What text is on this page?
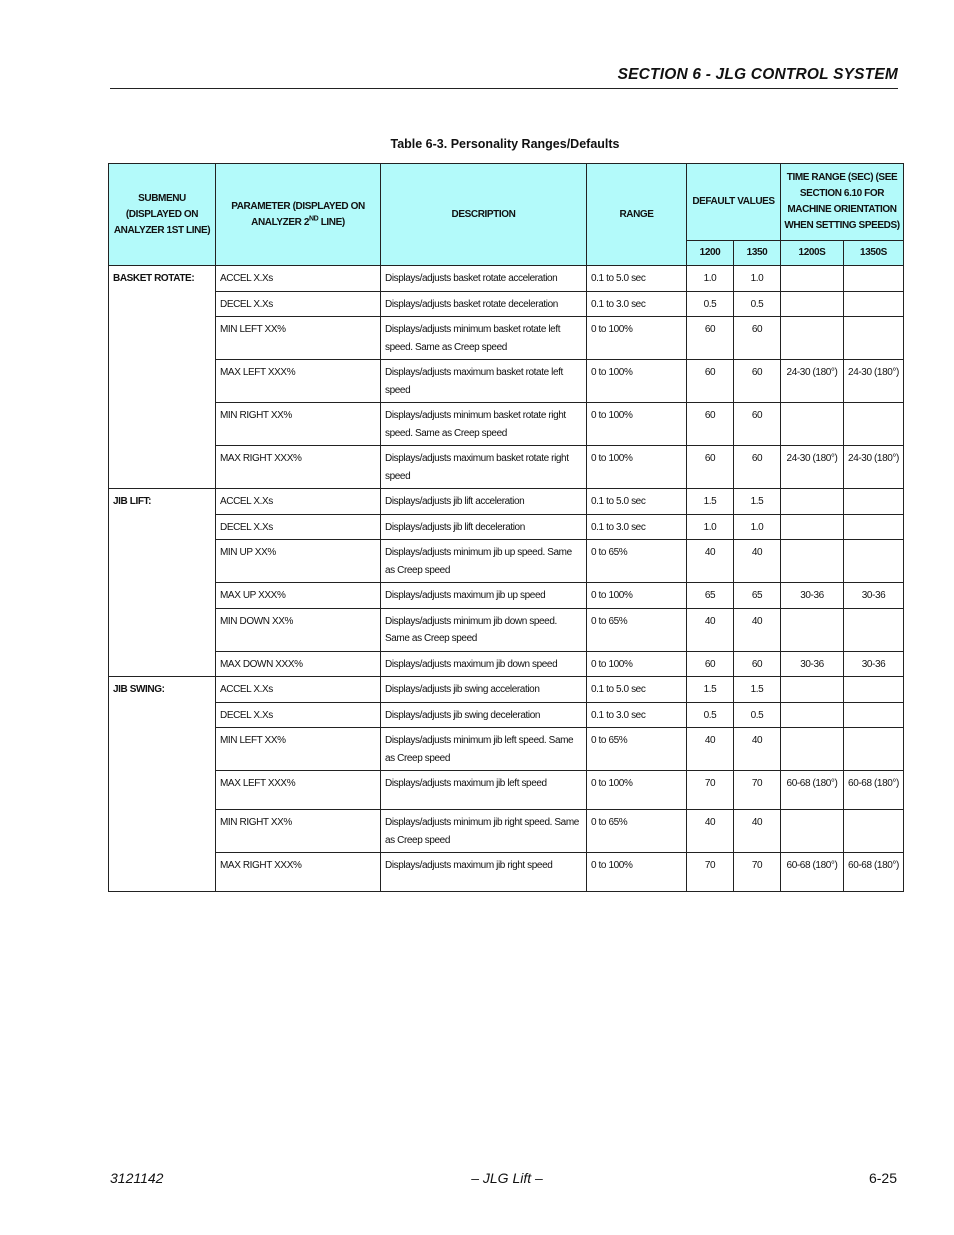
SECTION 6 - JLG CONTROL SYSTEM
Table 6-3. Personality Ranges/Defaults
SUBMENU (DISPLAYED ON ANALYZER 1ST LINE)	PARAMETER (DISPLAYED ON ANALYZER 2ND LINE)	DESCRIPTION	RANGE	DEFAULT VALUES		TIME RANGE (SEC) (SEE SECTION 6.10 FOR MACHINE ORIENTATION WHEN SETTING SPEEDS)	

				1200	1350	1200S	1350S

BASKET ROTATE:	ACCEL X.Xs	Displays/adjusts basket rotate acceleration	0.1 to 5.0 sec	1.0	1.0		

	DECEL X.Xs	Displays/adjusts basket rotate deceleration	0.1 to 3.0 sec	0.5	0.5		

	MIN LEFT XX%	Displays/adjusts minimum basket rotate left speed. Same as Creep speed	0 to 100%	60	60		

	MAX LEFT XXX%	Displays/adjusts maximum basket rotate left speed	0 to 100%	60	60	24-30 (180°)	24-30 (180°)

	MIN RIGHT XX%	Displays/adjusts minimum basket rotate right speed. Same as Creep speed	0 to 100%	60	60		

	MAX RIGHT XXX%	Displays/adjusts maximum basket rotate right speed	0 to 100%	60	60	24-30 (180°)	24-30 (180°)

JIB LIFT:	ACCEL X.Xs	Displays/adjusts jib lift acceleration	0.1 to 5.0 sec	1.5	1.5		

	DECEL X.Xs	Displays/adjusts jib lift deceleration	0.1 to 3.0 sec	1.0	1.0		

	MIN UP XX%	Displays/adjusts minimum jib up speed. Same as Creep speed	0 to 65%	40	40		

	MAX UP XXX%	Displays/adjusts maximum jib up speed	0 to 100%	65	65	30-36	30-36

	MIN DOWN XX%	Displays/adjusts minimum jib down speed. Same as Creep speed	0 to 65%	40	40		

	MAX DOWN XXX%	Displays/adjusts maximum jib down speed	0 to 100%	60	60	30-36	30-36

JIB SWING:	ACCEL X.Xs	Displays/adjusts jib swing acceleration	0.1 to 5.0 sec	1.5	1.5		

	DECEL X.Xs	Displays/adjusts jib swing deceleration	0.1 to 3.0 sec	0.5	0.5		

	MIN LEFT XX%	Displays/adjusts minimum jib left speed. Same as Creep speed	0 to 65%	40	40		

	MAX LEFT XXX%	Displays/adjusts maximum jib left speed	0 to 100%	70	70	60-68 (180°)	60-68 (180°)

	MIN RIGHT XX%	Displays/adjusts minimum jib right speed. Same as Creep speed	0 to 65%	40	40		

	MAX RIGHT XXX%	Displays/adjusts maximum jib right speed	0 to 100%	70	70	60-68 (180°)	60-68 (180°)
3121142	– JLG Lift –	6-25
